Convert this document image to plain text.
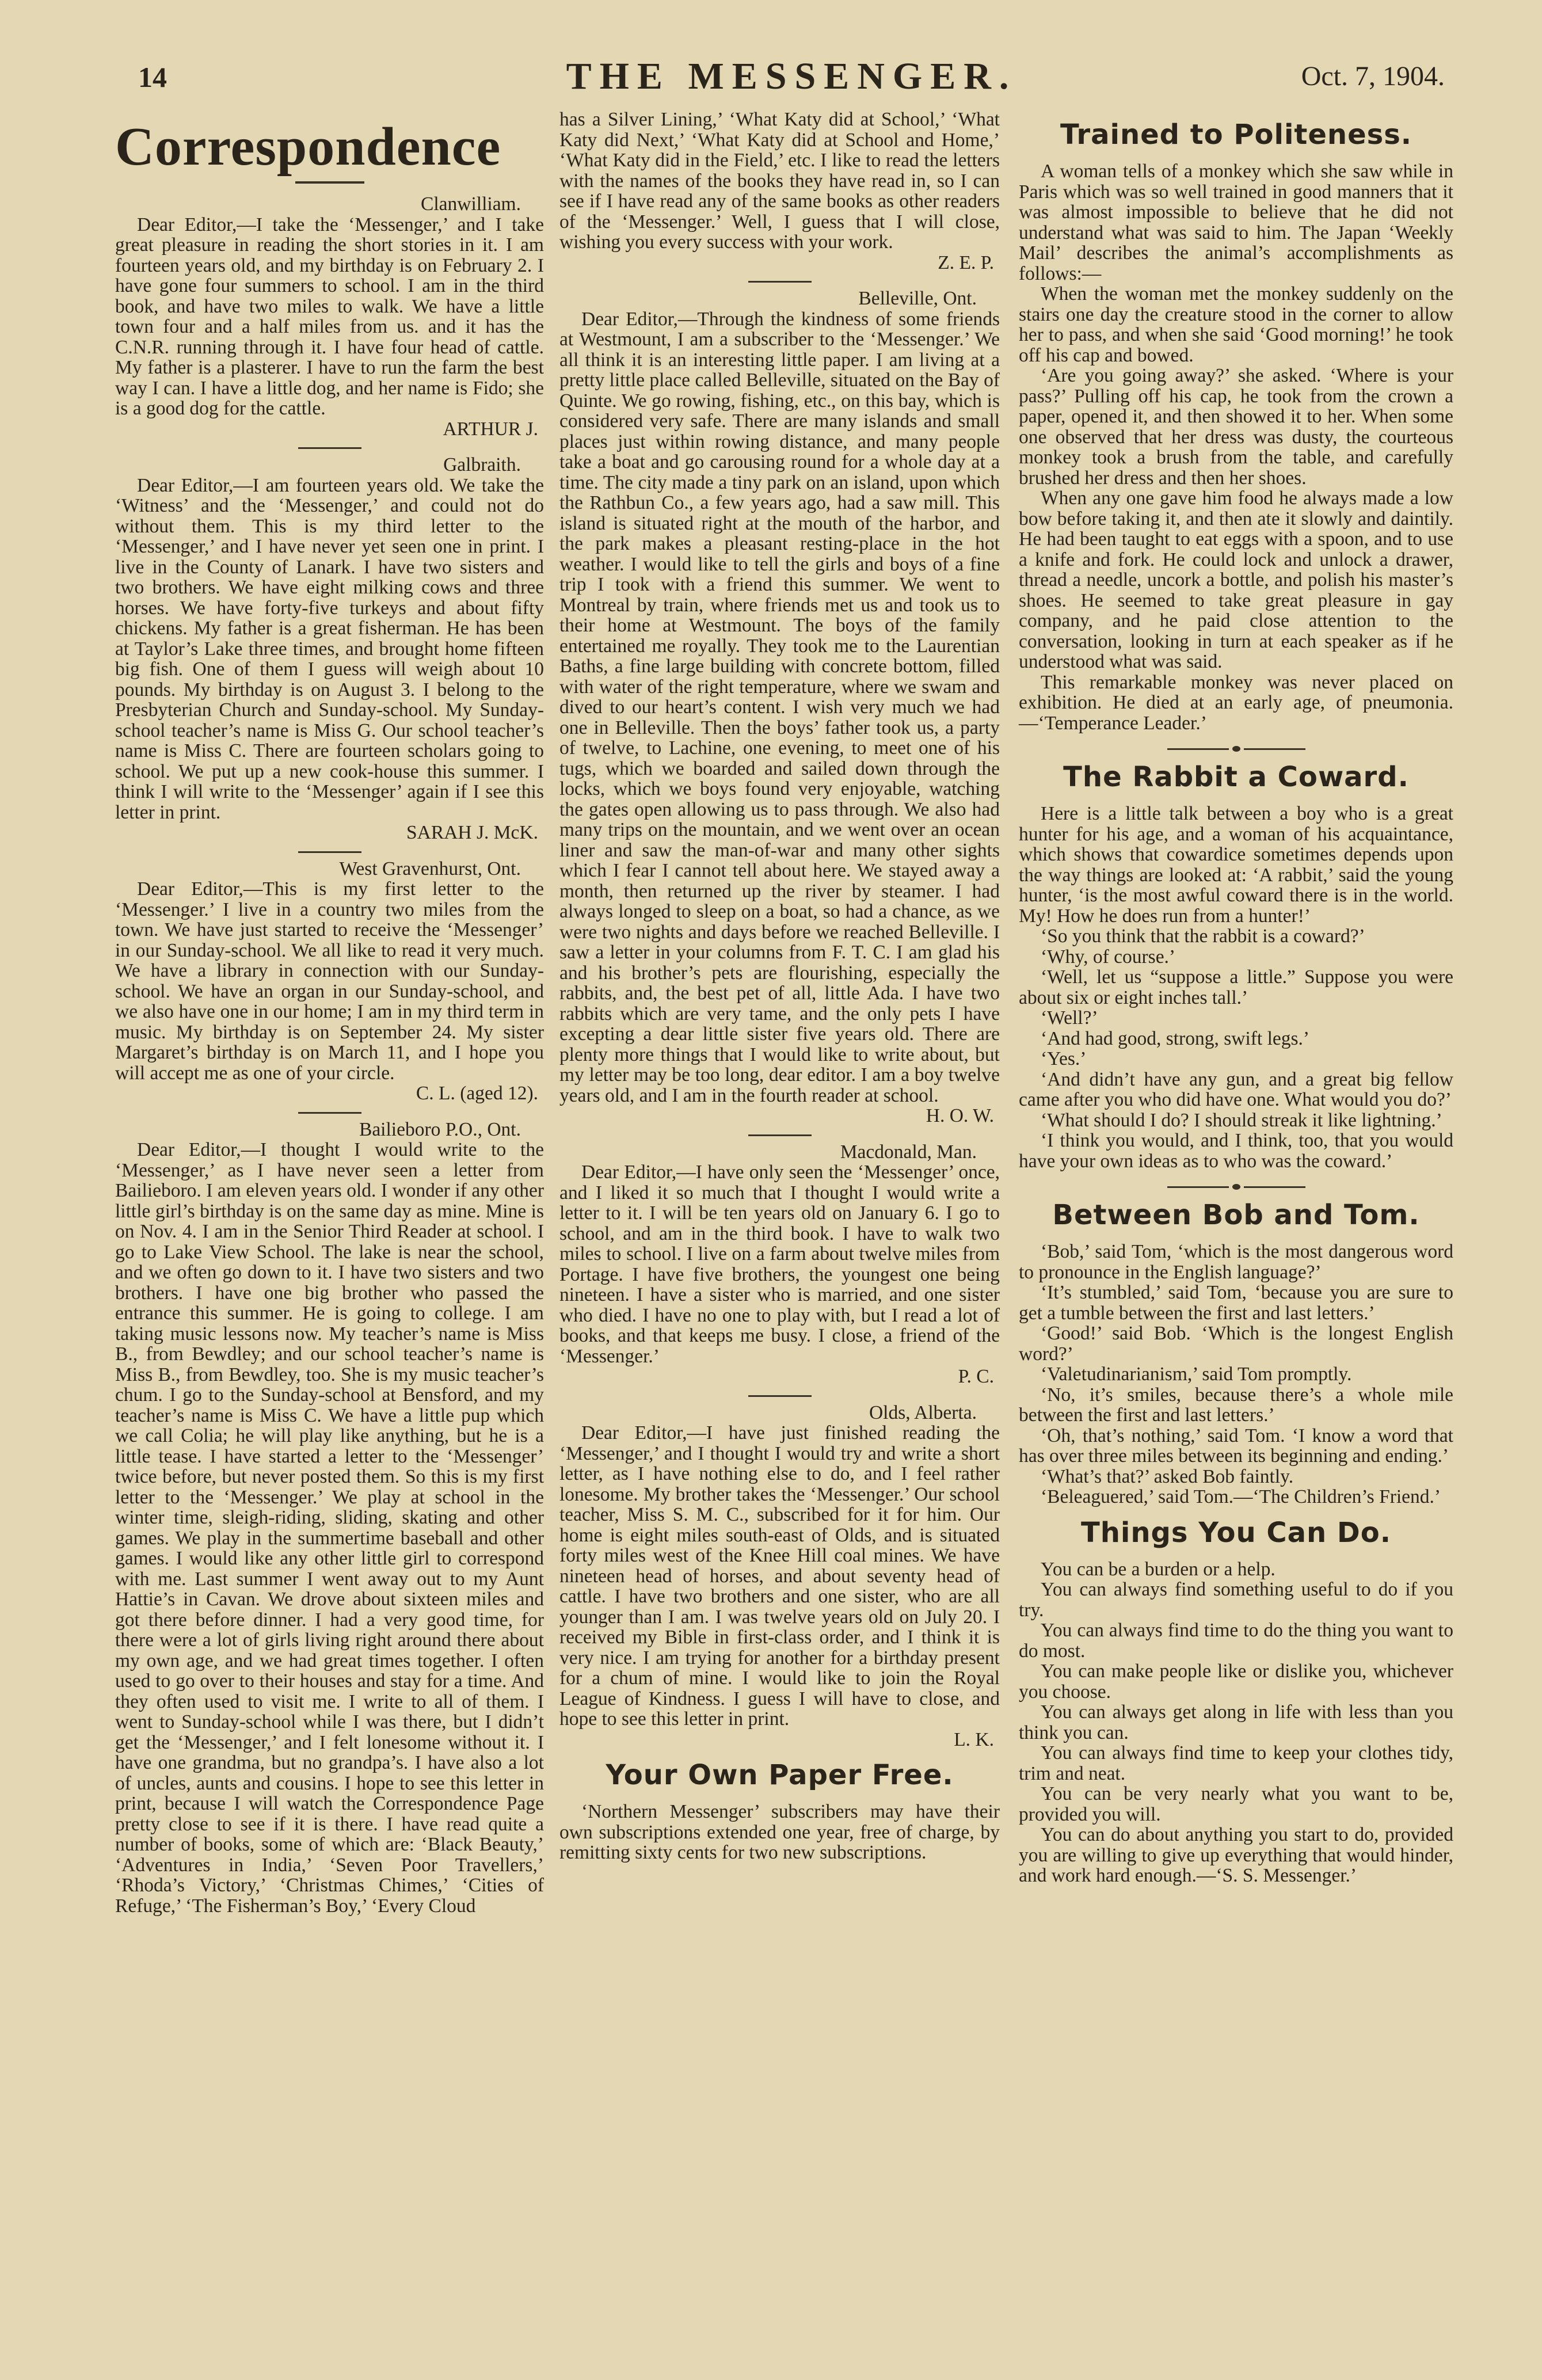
14	THE MESSENGER.	Oct. 7, 1904.
Correspondence
Clanwilliam.

Dear Editor,—I take the ‘Messenger,’ and I take great pleasure in reading the short stories in it. I am fourteen years old, and my birthday is on February 2. I have gone four summers to school. I am in the third book, and have two miles to walk. We have a little town four and a half miles from us. and it has the C.N.R. running through it. I have four head of cattle. My father is a plasterer. I have to run the farm the best way I can. I have a little dog, and her name is Fido; she is a good dog for the cattle.

ARTHUR J.
Galbraith.

Dear Editor,—I am fourteen years old. We take the ‘Witness’ and the ‘Messenger,’ and could not do without them. This is my third letter to the ‘Messenger,’ and I have never yet seen one in print. I live in the County of Lanark. I have two sisters and two brothers. We have eight milking cows and three horses. We have forty-five turkeys and about fifty chickens. My father is a great fisherman. He has been at Taylor’s Lake three times, and brought home fifteen big fish. One of them I guess will weigh about 10 pounds. My birthday is on August 3. I belong to the Presbyterian Church and Sunday-school. My Sunday-school teacher’s name is Miss G. Our school teacher’s name is Miss C. There are fourteen scholars going to school. We put up a new cook-house this summer. I think I will write to the ‘Messenger’ again if I see this letter in print.

SARAH J. McK.
West Gravenhurst, Ont.

Dear Editor,—This is my first letter to the ‘Messenger.’ I live in a country two miles from the town. We have just started to receive the ‘Messenger’ in our Sunday-school. We all like to read it very much. We have a library in connection with our Sunday-school. We have an organ in our Sunday-school, and we also have one in our home; I am in my third term in music. My birthday is on September 24. My sister Margaret’s birthday is on March 11, and I hope you will accept me as one of your circle.

C. L. (aged 12).
Bailieboro P.O., Ont.

Dear Editor,—I thought I would write to the ‘Messenger,’ as I have never seen a letter from Bailieboro. I am eleven years old. I wonder if any other little girl’s birthday is on the same day as mine. Mine is on Nov. 4. I am in the Senior Third Reader at school. I go to Lake View School. The lake is near the school, and we often go down to it. I have two sisters and two brothers. I have one big brother who passed the entrance this summer. He is going to college. I am taking music lessons now. My teacher’s name is Miss B., from Bewdley; and our school teacher’s name is Miss B., from Bewdley, too. She is my music teacher’s chum. I go to the Sunday-school at Bensford, and my teacher’s name is Miss C. We have a little pup which we call Colia; he will play like anything, but he is a little tease. I have started a letter to the ‘Messenger’ twice before, but never posted them. So this is my first letter to the ‘Messenger.’ We play at school in the winter time, sleigh-riding, sliding, skating and other games. We play in the summertime baseball and other games. I would like any other little girl to correspond with me. Last summer I went away out to my Aunt Hattie’s in Cavan. We drove about sixteen miles and got there before dinner. I had a very good time, for there were a lot of girls living right around there about my own age, and we had great times together. I often used to go over to their houses and stay for a time. And they often used to visit me. I write to all of them. I went to Sunday-school while I was there, but I didn’t get the ‘Messenger,’ and I felt lonesome without it. I have one grandma, but no grandpa’s. I have also a lot of uncles, aunts and cousins. I hope to see this letter in print, because I will watch the Correspondence Page pretty close to see if it is there. I have read quite a number of books, some of which are: ‘Black Beauty,’ ‘Adventures in India,’ ‘Seven Poor Travellers,’ ‘Rhoda’s Victory,’ ‘Christmas Chimes,’ ‘Cities of Refuge,’ ‘The Fisherman’s Boy,’ ‘Every Cloud

has a Silver Lining,’ ‘What Katy did at School,’ ‘What Katy did Next,’ ‘What Katy did at School and Home,’ ‘What Katy did in the Field,’ etc. I like to read the letters with the names of the books they have read in, so I can see if I have read any of the same books as other readers of the ‘Messenger.’ Well, I guess that I will close, wishing you every success with your work.

Z. E. P.
Belleville, Ont.

Dear Editor,—Through the kindness of some friends at Westmount, I am a subscriber to the ‘Messenger.’ We all think it is an interesting little paper. I am living at a pretty little place called Belleville, situated on the Bay of Quinte. We go rowing, fishing, etc., on this bay, which is considered very safe. There are many islands and small places just within rowing distance, and many people take a boat and go carousing round for a whole day at a time. The city made a tiny park on an island, upon which the Rathbun Co., a few years ago, had a saw mill. This island is situated right at the mouth of the harbor, and the park makes a pleasant resting-place in the hot weather. I would like to tell the girls and boys of a fine trip I took with a friend this summer. We went to Montreal by train, where friends met us and took us to their home at Westmount. The boys of the family entertained me royally. They took me to the Laurentian Baths, a fine large building with concrete bottom, filled with water of the right temperature, where we swam and dived to our heart’s content. I wish very much we had one in Belleville. Then the boys’ father took us, a party of twelve, to Lachine, one evening, to meet one of his tugs, which we boarded and sailed down through the locks, which we boys found very enjoyable, watching the gates open allowing us to pass through. We also had many trips on the mountain, and we went over an ocean liner and saw the man-of-war and many other sights which I fear I cannot tell about here. We stayed away a month, then returned up the river by steamer. I had always longed to sleep on a boat, so had a chance, as we were two nights and days before we reached Belleville. I saw a letter in your columns from F. T. C. I am glad his and his brother’s pets are flourishing, especially the rabbits, and, the best pet of all, little Ada. I have two rabbits which are very tame, and the only pets I have excepting a dear little sister five years old. There are plenty more things that I would like to write about, but my letter may be too long, dear editor. I am a boy twelve years old, and I am in the fourth reader at school.

H. O. W.
Macdonald, Man.

Dear Editor,—I have only seen the ‘Messenger’ once, and I liked it so much that I thought I would write a letter to it. I will be ten years old on January 6. I go to school, and am in the third book. I have to walk two miles to school. I live on a farm about twelve miles from Portage. I have five brothers, the youngest one being nineteen. I have a sister who is married, and one sister who died. I have no one to play with, but I read a lot of books, and that keeps me busy. I close, a friend of the ‘Messenger.’

P. C.
Olds, Alberta.

Dear Editor,—I have just finished reading the ‘Messenger,’ and I thought I would try and write a short letter, as I have nothing else to do, and I feel rather lonesome. My brother takes the ‘Messenger.’ Our school teacher, Miss S. M. C., subscribed for it for him. Our home is eight miles south-east of Olds, and is situated forty miles west of the Knee Hill coal mines. We have nineteen head of horses, and about seventy head of cattle. I have two brothers and one sister, who are all younger than I am. I was twelve years old on July 20. I received my Bible in first-class order, and I think it is very nice. I am trying for another for a birthday present for a chum of mine. I would like to join the Royal League of Kindness. I guess I will have to close, and hope to see this letter in print.

L. K.
Your Own Paper Free.

‘Northern Messenger’ subscribers may have their own subscriptions extended one year, free of charge, by remitting sixty cents for two new subscriptions.

Trained to Politeness.

A woman tells of a monkey which she saw while in Paris which was so well trained in good manners that it was almost impossible to believe that he did not understand what was said to him. The Japan ‘Weekly Mail’ describes the animal’s accomplishments as follows:—

When the woman met the monkey suddenly on the stairs one day the creature stood in the corner to allow her to pass, and when she said ‘Good morning!’ he took off his cap and bowed.

‘Are you going away?’ she asked. ‘Where is your pass?’ Pulling off his cap, he took from the crown a paper, opened it, and then showed it to her. When some one observed that her dress was dusty, the courteous monkey took a brush from the table, and carefully brushed her dress and then her shoes.

When any one gave him food he always made a low bow before taking it, and then ate it slowly and daintily. He had been taught to eat eggs with a spoon, and to use a knife and fork. He could lock and unlock a drawer, thread a needle, uncork a bottle, and polish his master’s shoes. He seemed to take great pleasure in gay company, and he paid close attention to the conversation, looking in turn at each speaker as if he understood what was said.

This remarkable monkey was never placed on exhibition. He died at an early age, of pneumonia.—‘Temperance Leader.’

The Rabbit a Coward.

Here is a little talk between a boy who is a great hunter for his age, and a woman of his acquaintance, which shows that cowardice sometimes depends upon the way things are looked at: ‘A rabbit,’ said the young hunter, ‘is the most awful coward there is in the world. My! How he does run from a hunter!’

‘So you think that the rabbit is a coward?’

‘Why, of course.’

‘Well, let us “suppose a little.” Suppose you were about six or eight inches tall.’

‘Well?’

‘And had good, strong, swift legs.’

‘Yes.’

‘And didn’t have any gun, and a great big fellow came after you who did have one. What would you do?’

‘What should I do? I should streak it like lightning.’

‘I think you would, and I think, too, that you would have your own ideas as to who was the coward.’

Between Bob and Tom.

‘Bob,’ said Tom, ‘which is the most dangerous word to pronounce in the English language?’

‘It’s stumbled,’ said Tom, ‘because you are sure to get a tumble between the first and last letters.’

‘Good!’ said Bob. ‘Which is the longest English word?’

‘Valetudinarianism,’ said Tom promptly.

‘No, it’s smiles, because there’s a whole mile between the first and last letters.’

‘Oh, that’s nothing,’ said Tom. ‘I know a word that has over three miles between its beginning and ending.’

‘What’s that?’ asked Bob faintly.

‘Beleaguered,’ said Tom.—‘The Children’s Friend.’

Things You Can Do.

You can be a burden or a help.

You can always find something useful to do if you try.

You can always find time to do the thing you want to do most.

You can make people like or dislike you, whichever you choose.

You can always get along in life with less than you think you can.

You can always find time to keep your clothes tidy, trim and neat.

You can be very nearly what you want to be, provided you will.

You can do about anything you start to do, provided you are willing to give up everything that would hinder, and work hard enough.—‘S. S. Messenger.’
